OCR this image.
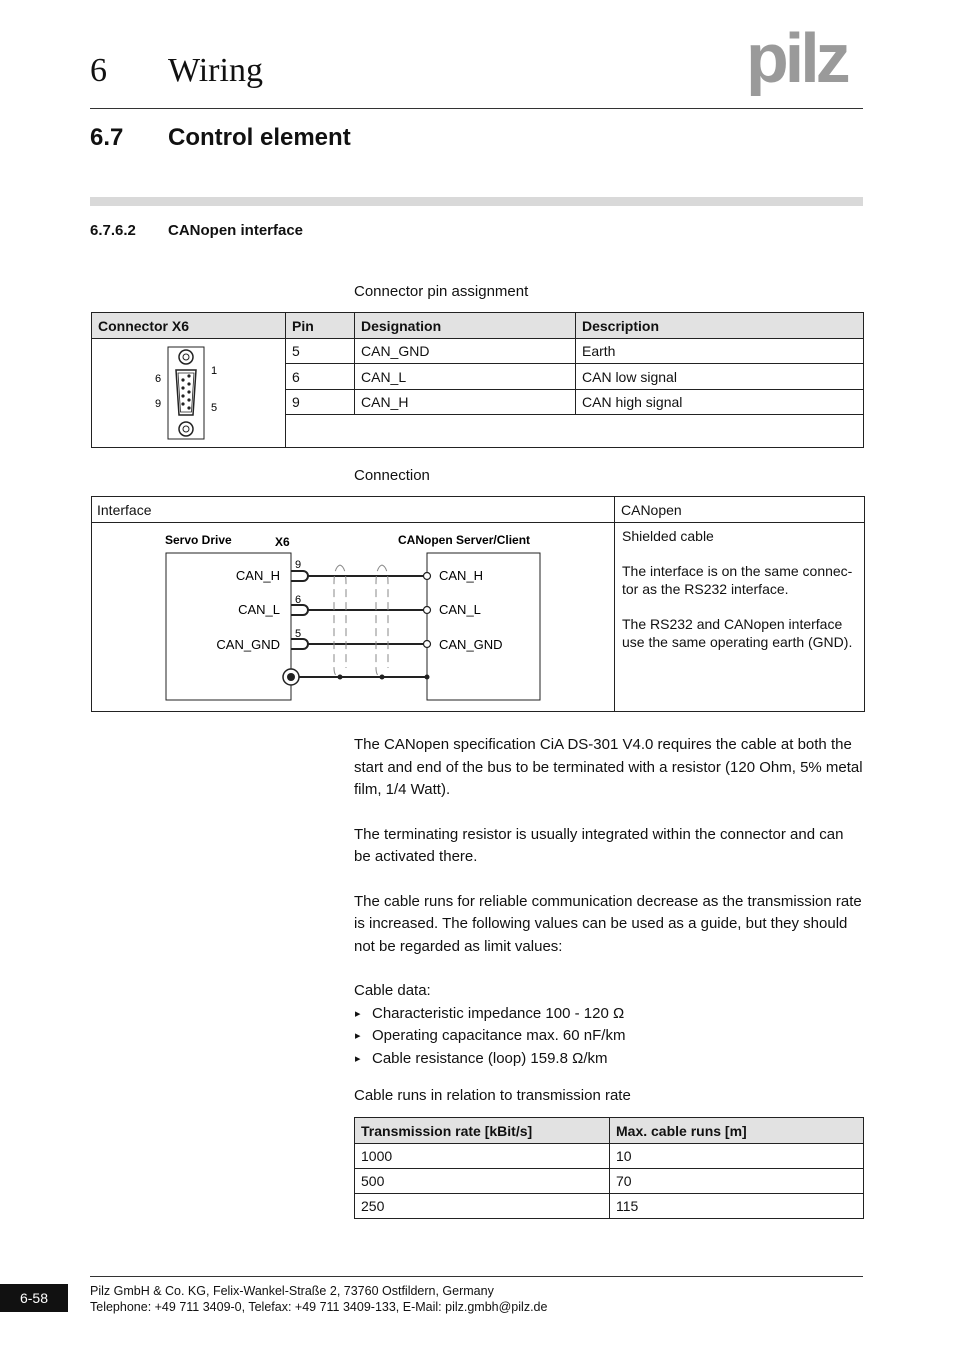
6 Wiring	pilz
6.7 Control element
6.7.6.2 CANopen interface
Connector pin assignment
Connector X6	Pin	Designation	Description

6
9
1
5	5	CAN_GND	Earth
	6	CAN_L	CAN low signal
	9	CAN_H	CAN high signal

Connection
Interface	CANopen
Servo Drive	X6	CANopen Server/Client
CAN_H
CAN_L
CAN_GND
CAN_H
CAN_L
CAN_GND
9
6
5

Shielded cable

The interface is on the same connec-tor as the RS232 interface.

The RS232 and CANopen interface use the same operating earth (GND).

The CANopen specification CiA DS-301 V4.0 requires the cable at both the start and end of the bus to be terminated with a resistor (120 Ohm, 5% metal film, 1/4 Watt).

The terminating resistor is usually integrated within the connector and can be activated there.

The cable runs for reliable communication decrease as the transmission rate is increased. The following values can be used as a guide, but they should not be regarded as limit values:

Cable data:
▸ Characteristic impedance 100 - 120 Ω
▸ Operating capacitance max. 60 nF/km
▸ Cable resistance (loop) 159.8 Ω/km
Cable runs in relation to transmission rate
Transmission rate [kBit/s]	Max. cable runs [m]
1000	10
500	70
250	115
6-58	Pilz GmbH & Co. KG, Felix-Wankel-Straße 2, 73760 Ostfildern, Germany
Telephone: +49 711 3409-0, Telefax: +49 711 3409-133, E-Mail: pilz.gmbh@pilz.de
